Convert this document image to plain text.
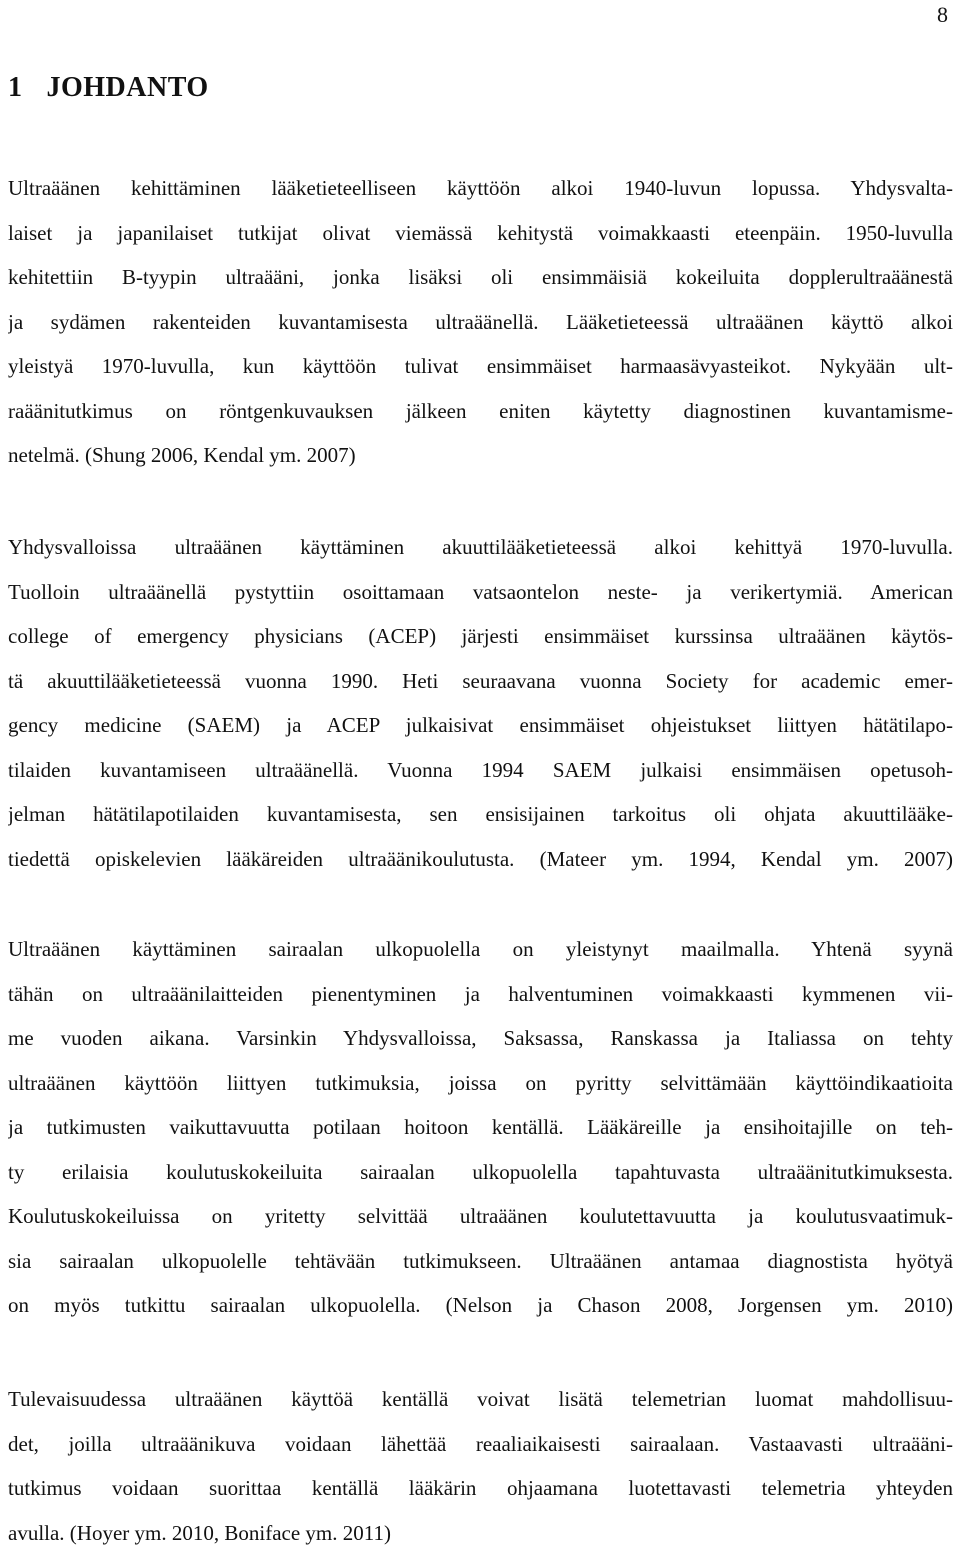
8
1 JOHDANTO

Ultraäänen kehittäminen lääketieteelliseen käyttöön alkoi 1940-luvun lopussa. Yhdysvalta-
laiset ja japanilaiset tutkijat olivat viemässä kehitystä voimakkaasti eteenpäin. 1950-luvulla
kehitettiin B-tyypin ultraääni, jonka lisäksi oli ensimmäisiä kokeiluita dopplerultraäänestä
ja sydämen rakenteiden kuvantamisesta ultraäänellä. Lääketieteessä ultraäänen käyttö alkoi
yleistyä 1970-luvulla, kun käyttöön tulivat ensimmäiset harmaasävyasteikot. Nykyään ult-
raäänitutkimus on röntgenkuvauksen jälkeen eniten käytetty diagnostinen kuvantamisme-
netelmä. (Shung 2006, Kendal ym. 2007)

Yhdysvalloissa ultraäänen käyttäminen akuuttilääketieteessä alkoi kehittyä 1970-luvulla.
Tuolloin ultraäänellä pystyttiin osoittamaan vatsaontelon neste- ja verikertymiä. American
college of emergency physicians (ACEP) järjesti ensimmäiset kurssinsa ultraäänen käytös-
tä akuuttilääketieteessä vuonna 1990. Heti seuraavana vuonna Society for academic emer-
gency medicine (SAEM) ja ACEP julkaisivat ensimmäiset ohjeistukset liittyen hätätilapo-
tilaiden kuvantamiseen ultraäänellä. Vuonna 1994 SAEM julkaisi ensimmäisen opetusoh-
jelman hätätilapotilaiden kuvantamisesta, sen ensisijainen tarkoitus oli ohjata akuuttilääke-
tiedettä opiskelevien lääkäreiden ultraäänikoulutusta. (Mateer ym. 1994, Kendal ym. 2007)

Ultraäänen käyttäminen sairaalan ulkopuolella on yleistynyt maailmalla. Yhtenä syynä
tähän on ultraäänilaitteiden pienentyminen ja halventuminen voimakkaasti kymmenen vii-
me vuoden aikana. Varsinkin Yhdysvalloissa, Saksassa, Ranskassa ja Italiassa on tehty
ultraäänen käyttöön liittyen tutkimuksia, joissa on pyritty selvittämään käyttöindikaatioita
ja tutkimusten vaikuttavuutta potilaan hoitoon kentällä. Lääkäreille ja ensihoitajille on teh-
ty erilaisia koulutuskokeiluita sairaalan ulkopuolella tapahtuvasta ultraäänitutkimuksesta.
Koulutuskokeiluissa on yritetty selvittää ultraäänen koulutettavuutta ja koulutusvaatimuk-
sia sairaalan ulkopuolelle tehtävään tutkimukseen. Ultraäänen antamaa diagnostista hyötyä
on myös tutkittu sairaalan ulkopuolella. (Nelson ja Chason 2008, Jorgensen ym. 2010)

Tulevaisuudessa ultraäänen käyttöä kentällä voivat lisätä telemetrian luomat mahdollisuu-
det, joilla ultraäänikuva voidaan lähettää reaaliaikaisesti sairaalaan. Vastaavasti ultraääni-
tutkimus voidaan suorittaa kentällä lääkärin ohjaamana luotettavasti telemetria yhteyden
avulla. (Hoyer ym. 2010, Boniface ym. 2011)
